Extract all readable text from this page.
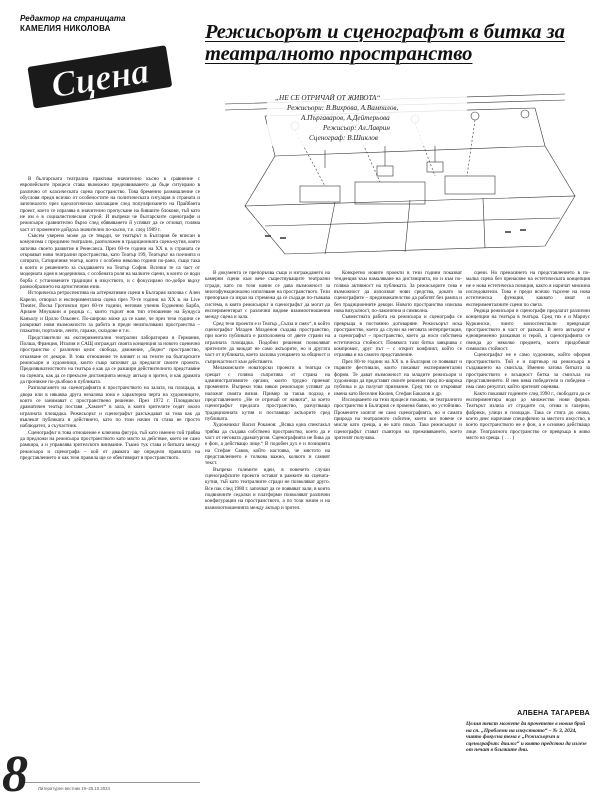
Редактор на страницата
КАМЕЛИЯ НИКОЛОВА
Сцена
Режисьорът и сценографът в битка за театралното пространство
„НЕ СЕ ОТРИЧАЙ ОТ ЖИВОТА“
Режисьори: В.Вихрова, А.Вампилов,
А.Пъргаваров, А.Дейтерьова
Режисьор: Ал.Лаврин
Сценограф: В.Шиклов

В българската театрална практика значително късно в сравнение с европейските процеси става възможно предизвикването да бъде ситуирано в различно от класическата сцена пространство. Това бременно размишление се обусловя преди всичко от особеностите на политическата ситуация в страната и започналото чрез идеологическо заплащане след популяризането на Прайбанта проект, което се изразява в значително пропускане на бившите блокови, тъй като не им е в социалистическия строй. И въпреки че българските сценографи и режисьори сравнително бързо след обявяването й успяват да се отзоват, голяма част от промените дойдоха значително по-късно, т.е. след 1989 г.

Съвсем уверено може да се твърди, че театърът в България бе вписан в комунизма с предимно театрално, разположен в традиционната сцена-кутия, която започва своето развитие в Ренесанса. През 60-те години на XX в. в страната се открояват нови театрални пространства, като Театър 199, Театърът на поезията и сатирата, Сатиричния театър, които с особено няколко години по-рано, също така в които и решението за създаването на Театър София. Всички те са част от модерната идея в модернизма, с особената роля на малките сцени, в които се води борба с установените традиции в изкуството, и с фокусирано по-добро върху разнообразието на артистичния език.

Историческа ретроспектива на алтернативни сцени в България започва с Ален Карели, отворил и експериментална сцена през 70-те години на XX в. на Live Theater, Йоска Гротовски през 60-те години, неговия ученик Еудженио Барба, Ариане Мнушкин и редица с., които търсят нов тип отношение на Бундуса Каньолу и Цолло Ольонес. По-широко може да се каже, че през тези години се разкриват нови възможности за работа в преди неизползвани пространства – плакатни, портални, ленти, гаражи, складове и т.н.

Представители на експериментални театрални лаборатории в Германия, Полша, Франция, Италия и САЩ изграждат своята концепция за новото сценично пространство с различни цели: свобода, движение, „бедно“ пространство, отказване от декори. В това отношение те влияят и на тезите на българските режисьори и художници, които също започват да предлагат своите проекти. Предизвикателството на театъра е как да се разшири действителното представяне на сцената, как да се прекъсне дистанцията между актьор и зрител, и как драмата да проникне по-дълбоко в публиката.

Разполагането на сценографията в пространството на залата, на площада, в двора или в някаква друга незалова зона е характерна черта на художниците, които се занимават с пространствено решение. През 1972 г. Пловдивски драматичен театър поставя „Хамлет“ в зала, в която зрителите седят около игралната площадка. Режисьорът и сценографът разсъждават за това как да въвлекат публиката в действието, като по този начин тя става не просто наблюдател, а съучастник.

Сценографът в това отношение е ключова фигура, тъй като именно той трябва да предложи на режисьора пространството като място за действие, което не само рамкира, а и управлява зрителското внимание. Тъкмо тук става и битката между режисьора и сценографа – кой от двамата ще определи правилата на представлението и как тези правила ще се обективират в пространството.

В документа се препоръчва също и изграждането на камерни сцени към вече съществуващите театрални сгради, като по този начин се дава възможност за многофункционално използване на пространството. Тези препоръки са израз на стремежа да се създаде по-гъвкава система, в която режисьорът и сценографът да могат да експериментират с различни видове взаимоотношения между сцена и зала.

Сред тези проекти е и Театър „Сълза и смях“, в който сценографът Младен Младенов създава пространство, при което публиката е разположена от двете страни на игралната площадка. Подобни решения позволяват зрителите да виждат не само актьорите, но и другата част от публиката, което засилва усещането за общност и съпричастност към действието.

Мелакомските новаторски проекти в театъра се срещат с голяма съпротива от страна на административните органи, които трудно приемат промените. Въпреки това някои режисьори успяват да наложат своята визия. Пример за такъв подход е представлението „Не се отричай от живота“, за което сценографът предлага пространство, разчупващо традиционната кутия и поставящо актьорите сред публиката.

Художникът Васил Роканов: „Всяка една спектакъл трябва да създава собствено пространство, което да е част от неговата драматургия. Сценографията не бива да е фон, а действащо лице.“ В подобен дух е и позицията на Стефан Савов, който настоява, че мястото на представлението е толкова важно, колкото и самият текст.

Въпреки големите идеи, в повечето случаи сценографските проекти остават в рамките на сцената-кутия, тъй като театралните сгради не позволяват друго. Все пак след 1980 г. започват да се появяват зали, в които подвижните седалки и платформи позволяват различни конфигурации на пространството, а по този начин и на взаимоотношенията между актьор и зрител.

Конкретно новите проекти в тези години показват тенденция към намаляване на дистанцията, но и към по-голяма активност на публиката. За режисьорите това е възможност да използват нови средства, докато за сценографите – предизвикателство да работят без рампа и без традиционните декори. Новото пространство изисква нова визуалност, по-лаконична и символна.

Съвместната работа на режисьора и сценографа се превръща в постоянно договаряне. Режисьорът иска пространство, което да служи на неговата интерпретация, а сценографът – пространство, което да носи собствена естетическа стойност. Понякога тази битка завършва с компромис, друг път – с открит конфликт, който се отразява и на самото представление.

През 80-те години на XX в. в България се появяват и първите фестивали, които показват експериментални форми. Те дават възможност на младите режисьори и художници да представят своите решения пред по-широка публика и да получат признание. Сред тях се открояват имена като Веселин Кюлев, Стефан Бакалов и др.

Изследването на тези процеси показва, че театралното пространство в България се променя бавно, но устойчиво. Промените засягат не само сценографията, но и самата природа на театралното събитие, което все повече се мисли като среща, а не като показ. Така режисьорът и сценографът стават съавтори на преживяването, което зрителят получава.

сцени. Но пренасянето на представлението в по-малка сцена без пренасяне на естетическата концепция не е нова естетическа позиция, както я наричат мнозина изследователи. Това е преди всичко търсене на нова естетическа функция, каквато имат и експерименталните сцени по света.

Редица режисьори и сценографи предлагат различни концепции на театъра в театъра. Сред тях е и Мариус Куркински, чиито моноспектакли превръщат пространството в част от разказа. В него актьорът е едновременно разказвач и герой, а сценографията се свежда до няколко предмета, които придобиват символна стойност.

Сценографът не е само художник, който оформя пространството. Той е и партньор на режисьора в създаването на смисъла. Именно затова битката за пространството е всъщност битка за смисъла на представлението. В нея няма победители и победени – има само резултат, който зрителят оценява.

Както показват годините след 1990 г., свободата да се експериментира води до множество нови форми. Театърът излиза от сградите си, отива в галерии, фабрики, улици и площади. Така се стига до онова, което днес наричаме специфично за мястото изкуство, в което пространството не е фон, а е основно действащо лице. Театралното пространство се превръща в живо място на среща. ( . . . )

АЛБЕНА ТАГАРЕВА
Целия текст можете да прочетете в новия брой на сп. „Проблеми на изкуството“ – № 3, 2024, чиято фокусна тема е „Режисьорът и сценографът: диалог“ и която предстои да излезе от печат в близките дни.
8 Литературен вестник 19–25.10.2024
